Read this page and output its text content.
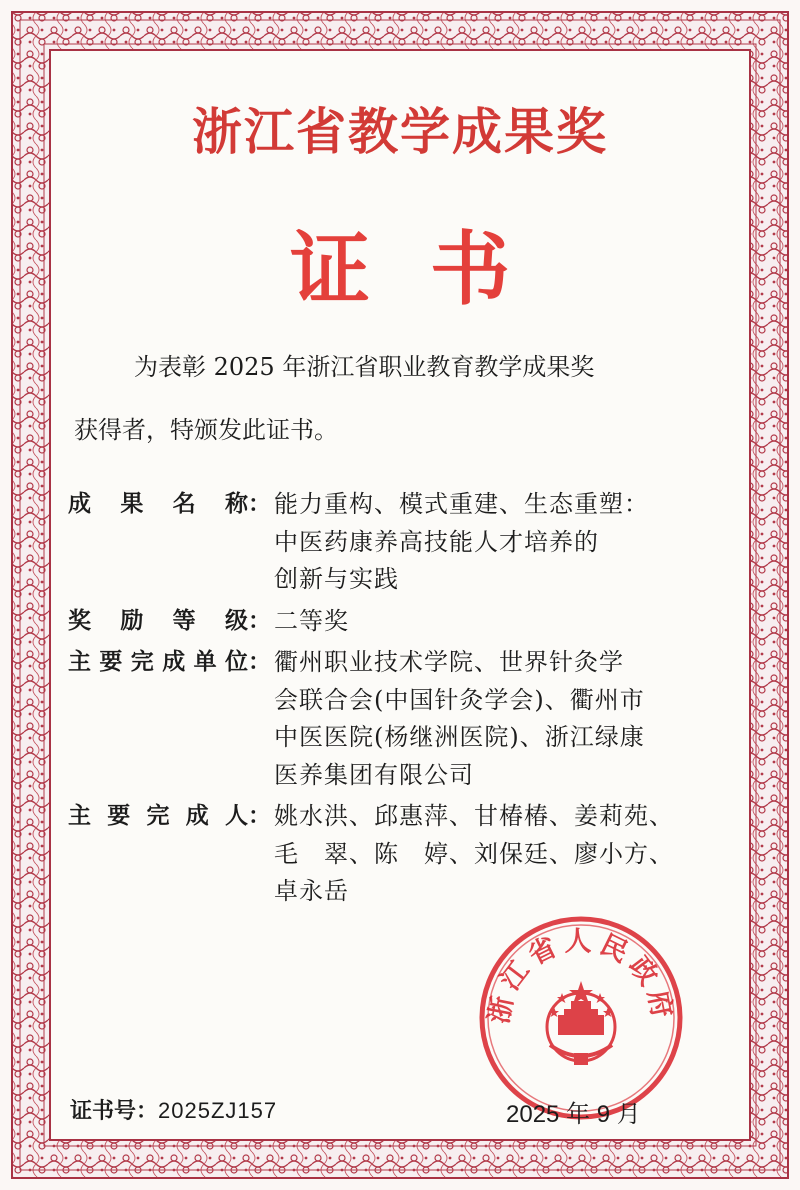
浙江省教学成果奖
证书

为表彰 2025 年浙江省职业教育教学成果奖
获得者，特颁发此证书。

成果名称： 能力重构、模式重建、生态重塑：
中医药康养高技能人才培养的
创新与实践
奖励等级： 二等奖
主要完成单位： 衢州职业技术学院、世界针灸学
会联合会(中国针灸学会)、衢州市
中医医院(杨继洲医院)、浙江绿康
医养集团有限公司
主要完成人： 姚水洪、邱惠萍、甘椿椿、姜莉苑、
毛　翠、陈　婷、刘保廷、廖小方、
卓永岳
浙江省人民政府
证书号：2025ZJ157	2025 年 9 月
